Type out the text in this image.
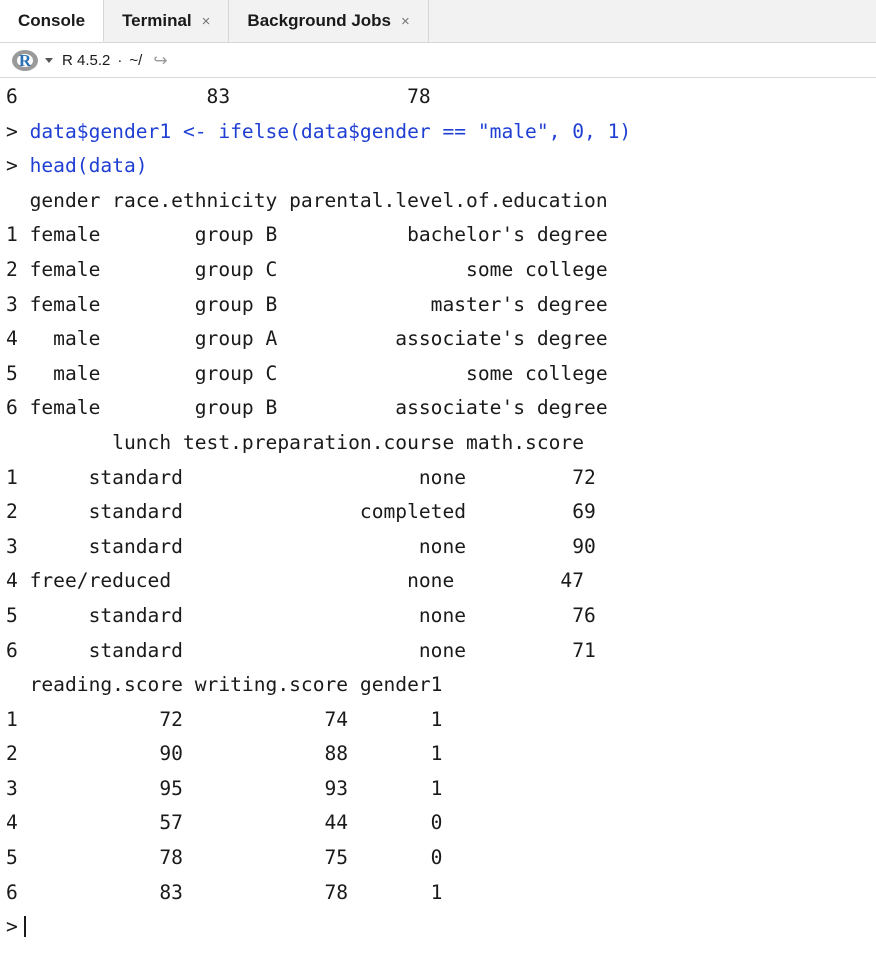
Console Terminal × Background Jobs ×
R	R 4.5.2 · ~/ ↪
6                83               78
> data$gender1 <- ifelse(data$gender == "male", 0, 1)
> head(data)
gender race.ethnicity parental.level.of.education
1 female        group B           bachelor's degree
2 female        group C                some college
3 female        group B             master's degree
4   male        group A          associate's degree
5   male        group C                some college
6 female        group B          associate's degree
lunch test.preparation.course math.score
1      standard                    none         72
2      standard               completed         69
3      standard                    none         90
4 free/reduced                    none         47
5      standard                    none         76
6      standard                    none         71
reading.score writing.score gender1
1            72            74       1
2            90            88       1
3            95            93       1
4            57            44       0
5            78            75       0
6            83            78       1
>
